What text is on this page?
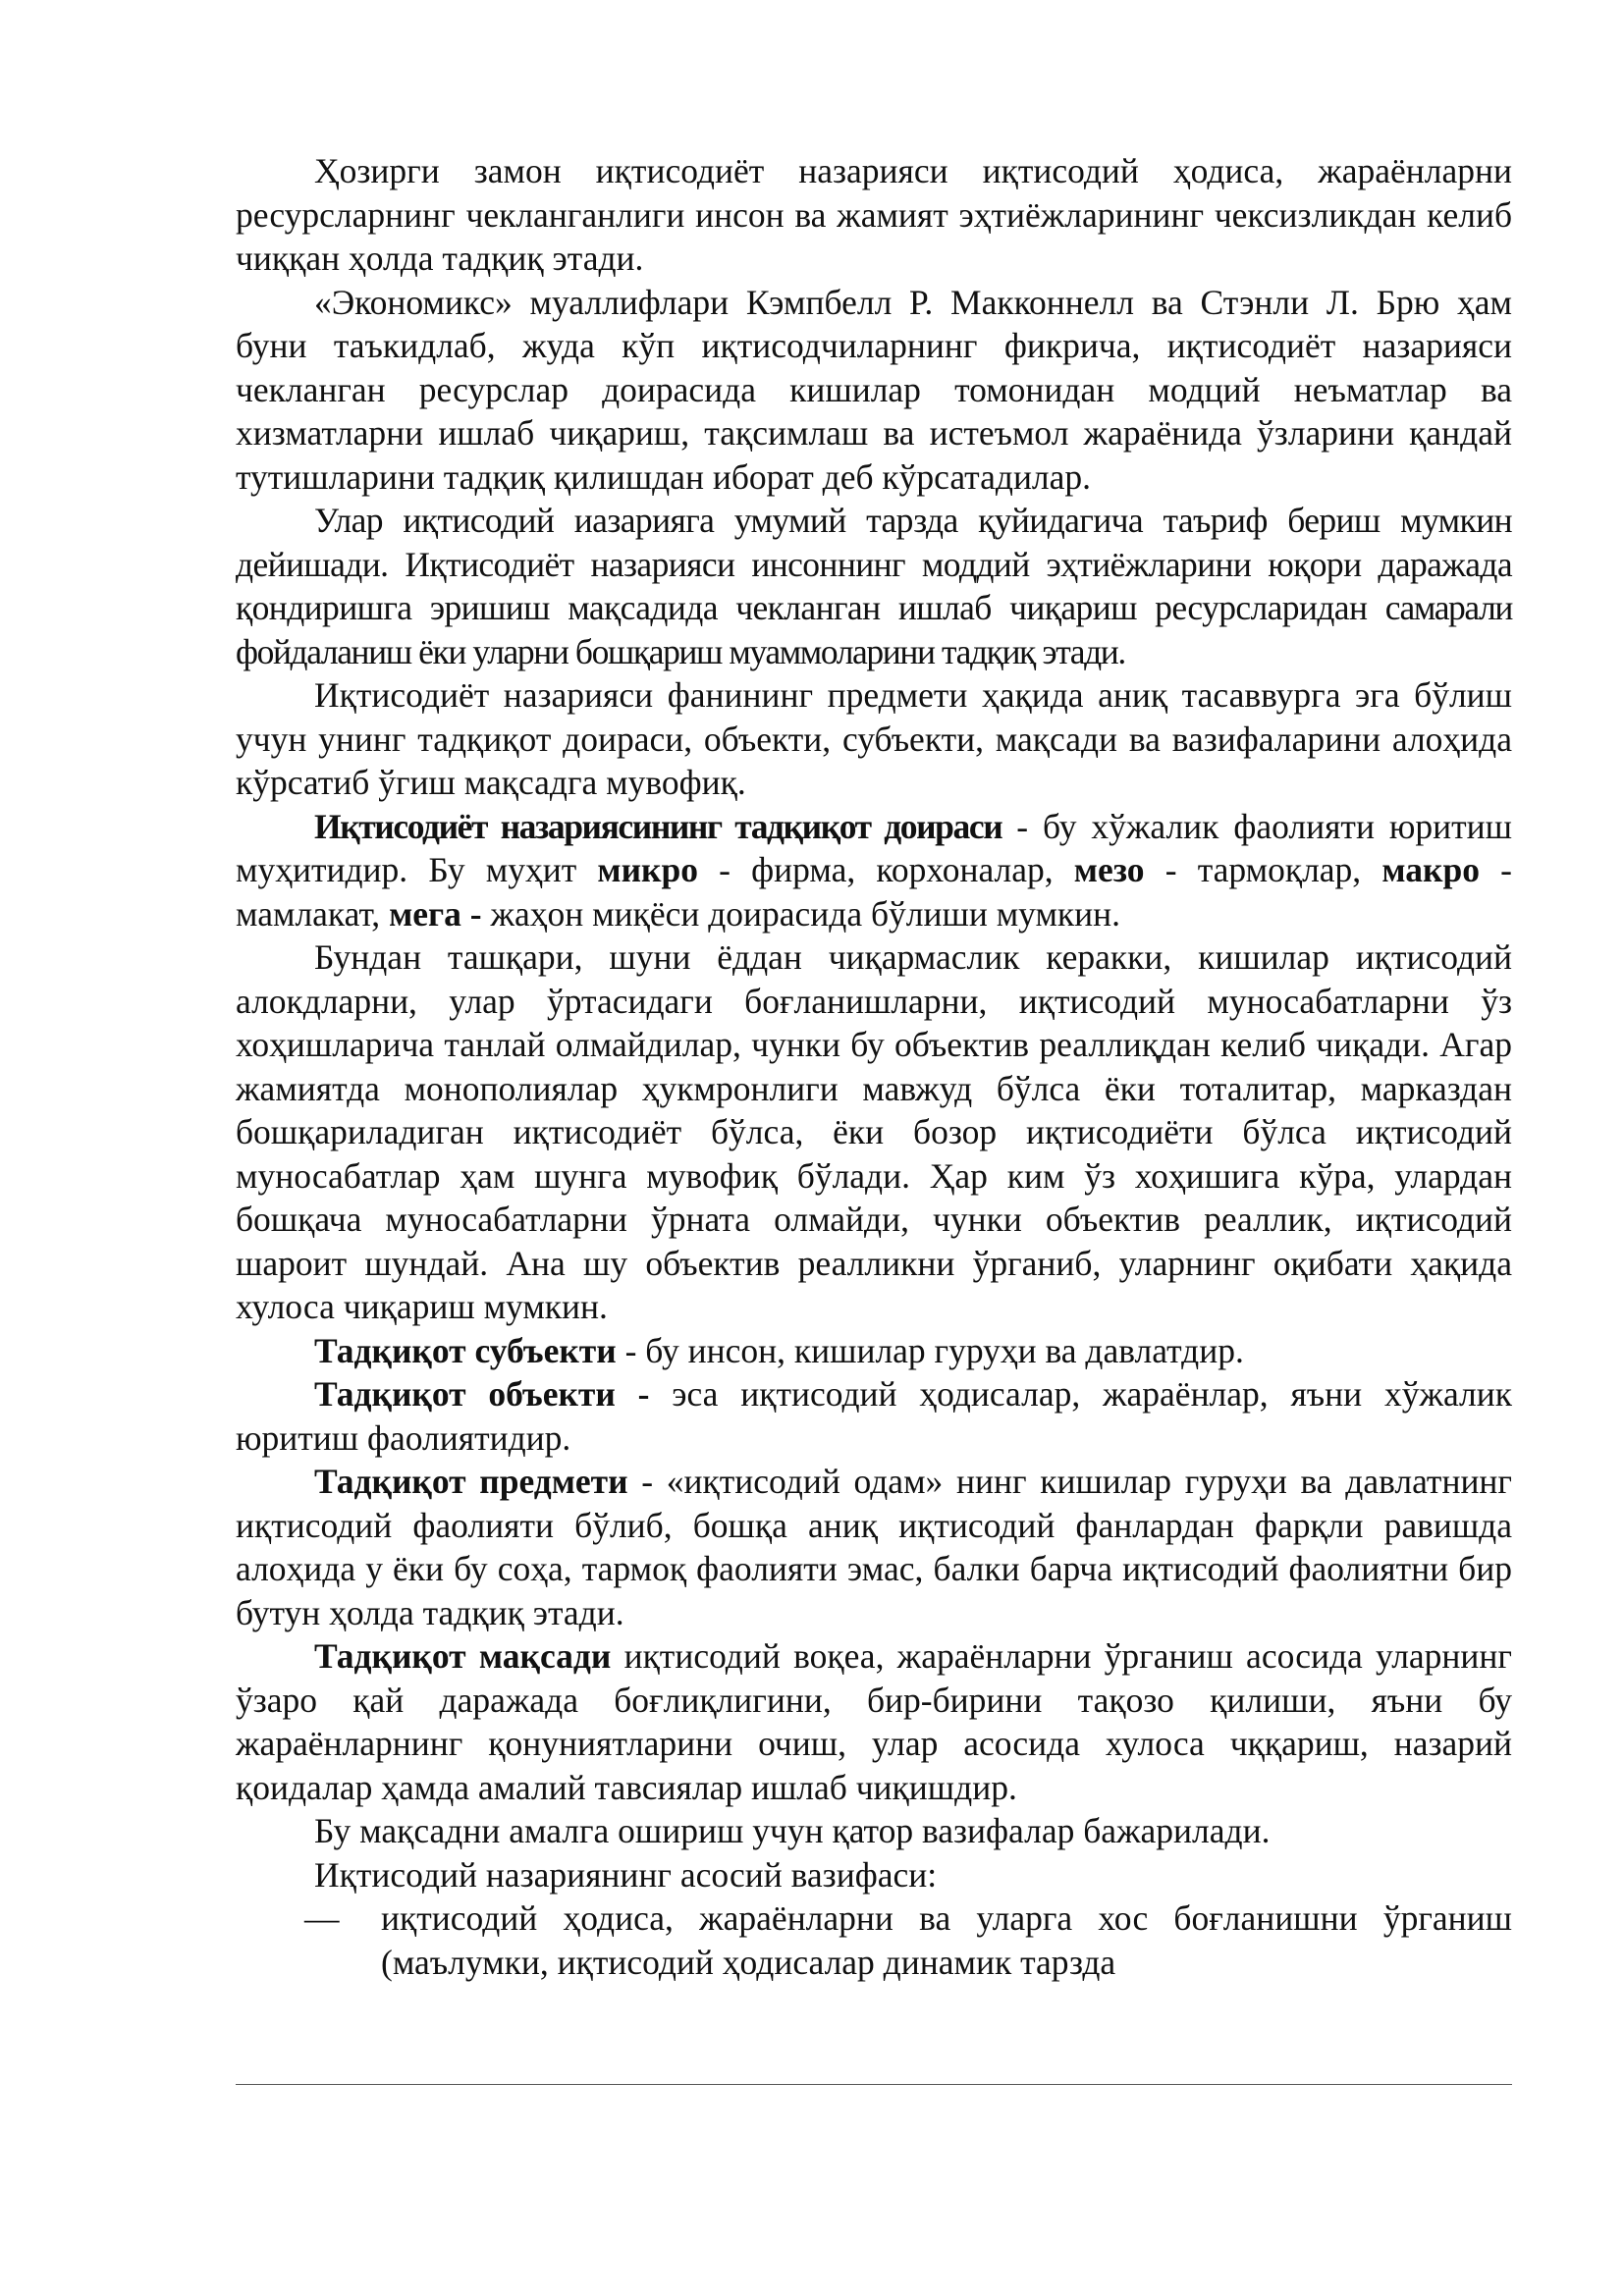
Ҳозирги замон иқтисодиёт назарияси иқтисодий ҳодиса, жараёнларни ресурсларнинг чекланганлиги инсон ва жамият эҳтиёжларининг чексизликдан келиб чиққан ҳолда тадқиқ этади.

«Экономикс» муаллифлари Кэмпбелл Р. Макконнелл ва Стэнли Л. Брю ҳам буни таъкидлаб, жуда кўп иқтисодчиларнинг фикрича, иқтисодиёт назарияси чекланган ресурслар доирасида кишилар томонидан модций неъматлар ва хизматларни ишлаб чиқариш, тақсимлаш ва истеъмол жараёнида ўзларини қандай тутишларини тадқиқ қилишдан иборат деб кўрсатадилар.

Улар иқтисодий иазарияга умумий тарзда қуйидагича таъриф бериш мумкин дейишади. Иқтисодиёт назарияси инсоннинг моддий эҳтиёжларини юқори даражада қондиришга эришиш мақсадида чекланган ишлаб чиқариш ресурсларидан самарали фойдаланиш ёки уларни бошқариш муаммоларини тадқиқ этади.

Иқтисодиёт назарияси фанининг предмети ҳақида аниқ тасаввурга эга бўлиш учун унинг тадқиқот доираси, объекти, субъекти, мақсади ва вазифаларини алоҳида кўрсатиб ўгиш мақсадга мувофиқ.

Иқтисодиёт назариясининг тадқиқот доираси - бу хўжалик фаолияти юритиш муҳитидир. Бу муҳит микро - фирма, корхоналар, мезо - тармоқлар, макро - мамлакат, мега - жаҳон миқёси доирасида бўлиши мумкин.

Бундан ташқари, шуни ёддан чиқармаслик керакки, кишилар иқтисодий алокдларни, улар ўртасидаги боғланишларни, иқтисодий муносабатларни ўз хоҳишларича танлай олмайдилар, чунки бу объектив реаллиқдан келиб чиқади. Агар жамиятда монополиялар ҳукмронлиги мавжуд бўлса ёки тоталитар, марказдан бошқариладиган иқтисодиёт бўлса, ёки бозор иқтисодиёти бўлса иқтисодий муносабатлар ҳам шунга мувофиқ бўлади. Ҳар ким ўз хоҳишига кўра, улардан бошқача муносабатларни ўрната олмайди, чунки объектив реаллик, иқтисодий шароит шундай. Ана шу объектив реалликни ўрганиб, уларнинг оқибати ҳақида хулоса чиқариш мумкин.

Тадқиқот субъекти - бу инсон, кишилар гуруҳи ва давлатдир.

Тадқиқот объекти - эса иқтисодий ҳодисалар, жараёнлар, яъни хўжалик юритиш фаолиятидир.

Тадқиқот предмети - «иқтисодий одам» нинг кишилар гуруҳи ва давлатнинг иқтисодий фаолияти бўлиб, бошқа аниқ иқтисодий фанлардан фарқли равишда алоҳида у ёки бу соҳа, тармоқ фаолияти эмас, балки барча иқтисодий фаолиятни бир бутун ҳолда тадқиқ этади.

Тадқиқот мақсади иқтисодий воқеа, жараёнларни ўрганиш асосида уларнинг ўзаро қай даражада боғлиқлигини, бир-бирини тақозо қилиши, яъни бу жараёнларнинг қонуниятларини очиш, улар асосида хулоса чққариш, назарий қоидалар ҳамда амалий тавсиялар ишлаб чиқишдир.

Бу мақсадни амалга ошириш учун қатор вазифалар бажарилади.

Иқтисодий назариянинг асосий вазифаси:

— иқтисодий ҳодиса, жараёнларни ва уларга хос боғланишни ўрганиш (маълумки, иқтисодий ҳодисалар динамик тарзда
